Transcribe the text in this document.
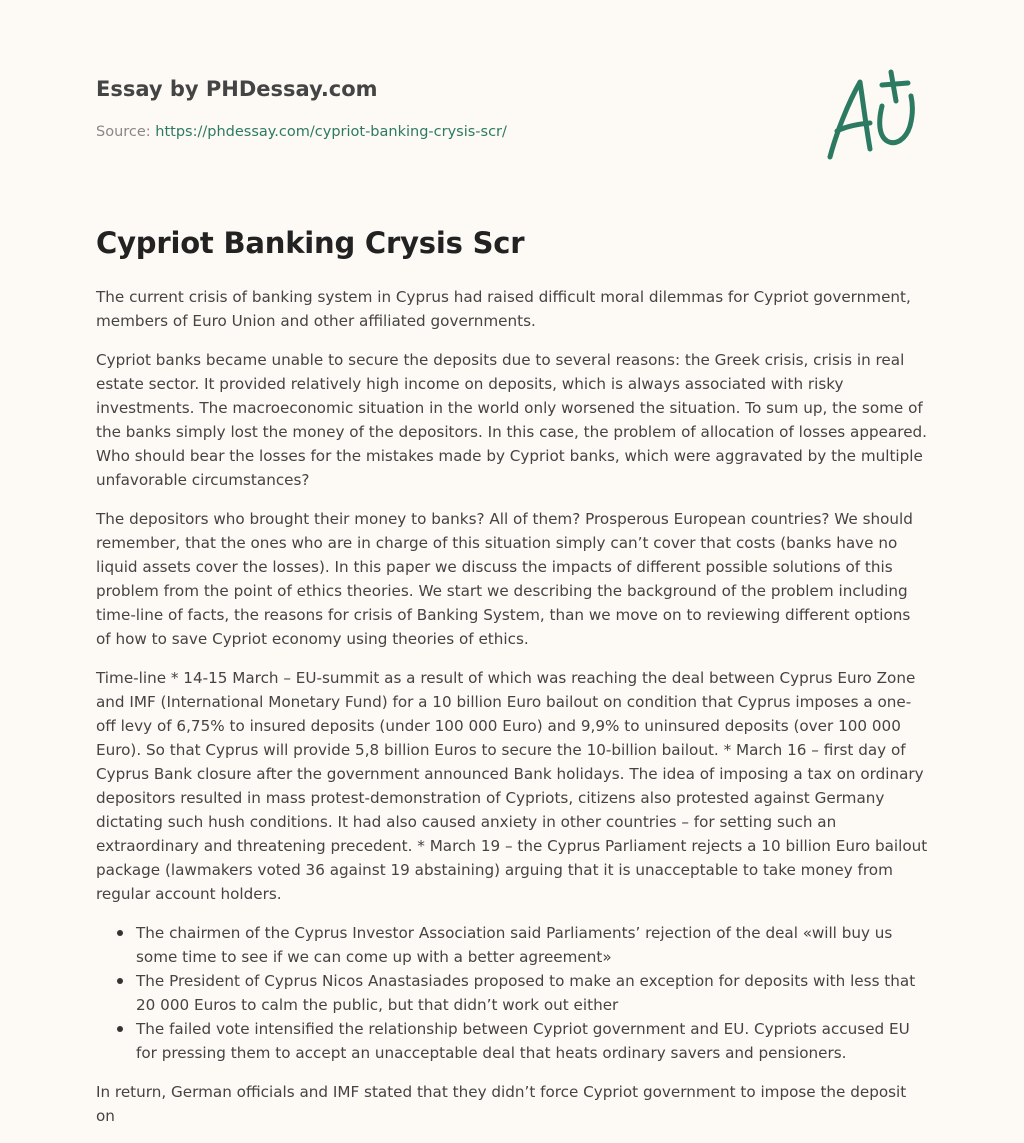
Essay by PHDessay.com
Source: https://phdessay.com/cypriot-banking-crysis-scr/
Cypriot Banking Crysis Scr

The current crisis of banking system in Cyprus had raised difficult moral dilemmas for Cypriot government, members of Euro Union and other affiliated governments.

Cypriot banks became unable to secure the deposits due to several reasons: the Greek crisis, crisis in real estate sector. It provided relatively high income on deposits, which is always associated with risky investments. The macroeconomic situation in the world only worsened the situation. To sum up, the some of the banks simply lost the money of the depositors. In this case, the problem of allocation of losses appeared. Who should bear the losses for the mistakes made by Cypriot banks, which were aggravated by the multiple unfavorable circumstances?

The depositors who brought their money to banks? All of them? Prosperous European countries? We should remember, that the ones who are in charge of this situation simply can’t cover that costs (banks have no liquid assets cover the losses). In this paper we discuss the impacts of different possible solutions of this problem from the point of ethics theories. We start we describing the background of the problem including time-line of facts, the reasons for crisis of Banking System, than we move on to reviewing different options of how to save Cypriot economy using theories of ethics.

Time-line * 14-15 March – EU-summit as a result of which was reaching the deal between Cyprus Euro Zone and IMF (International Monetary Fund) for a 10 billion Euro bailout on condition that Cyprus imposes a one-off levy of 6,75% to insured deposits (under 100 000 Euro) and 9,9% to uninsured deposits (over 100 000 Euro). So that Cyprus will provide 5,8 billion Euros to secure the 10-billion bailout. * March 16 – first day of Cyprus Bank closure after the government announced Bank holidays. The idea of imposing a tax on ordinary depositors resulted in mass protest-demonstration of Cypriots, citizens also protested against Germany dictating such hush conditions. It had also caused anxiety in other countries – for setting such an extraordinary and threatening precedent. * March 19 – the Cyprus Parliament rejects a 10 billion Euro bailout package (lawmakers voted 36 against 19 abstaining) arguing that it is unacceptable to take money from regular account holders.

The chairmen of the Cyprus Investor Association said Parliaments’ rejection of the deal «will buy us some time to see if we can come up with a better agreement»
The President of Cyprus Nicos Anastasiades proposed to make an exception for deposits with less that 20 000 Euros to calm the public, but that didn’t work out either
The failed vote intensified the relationship between Cypriot government and EU. Cypriots accused EU for pressing them to accept an unacceptable deal that heats ordinary savers and pensioners.

In return, German officials and IMF stated that they didn’t force Cypriot government to impose the deposit on
